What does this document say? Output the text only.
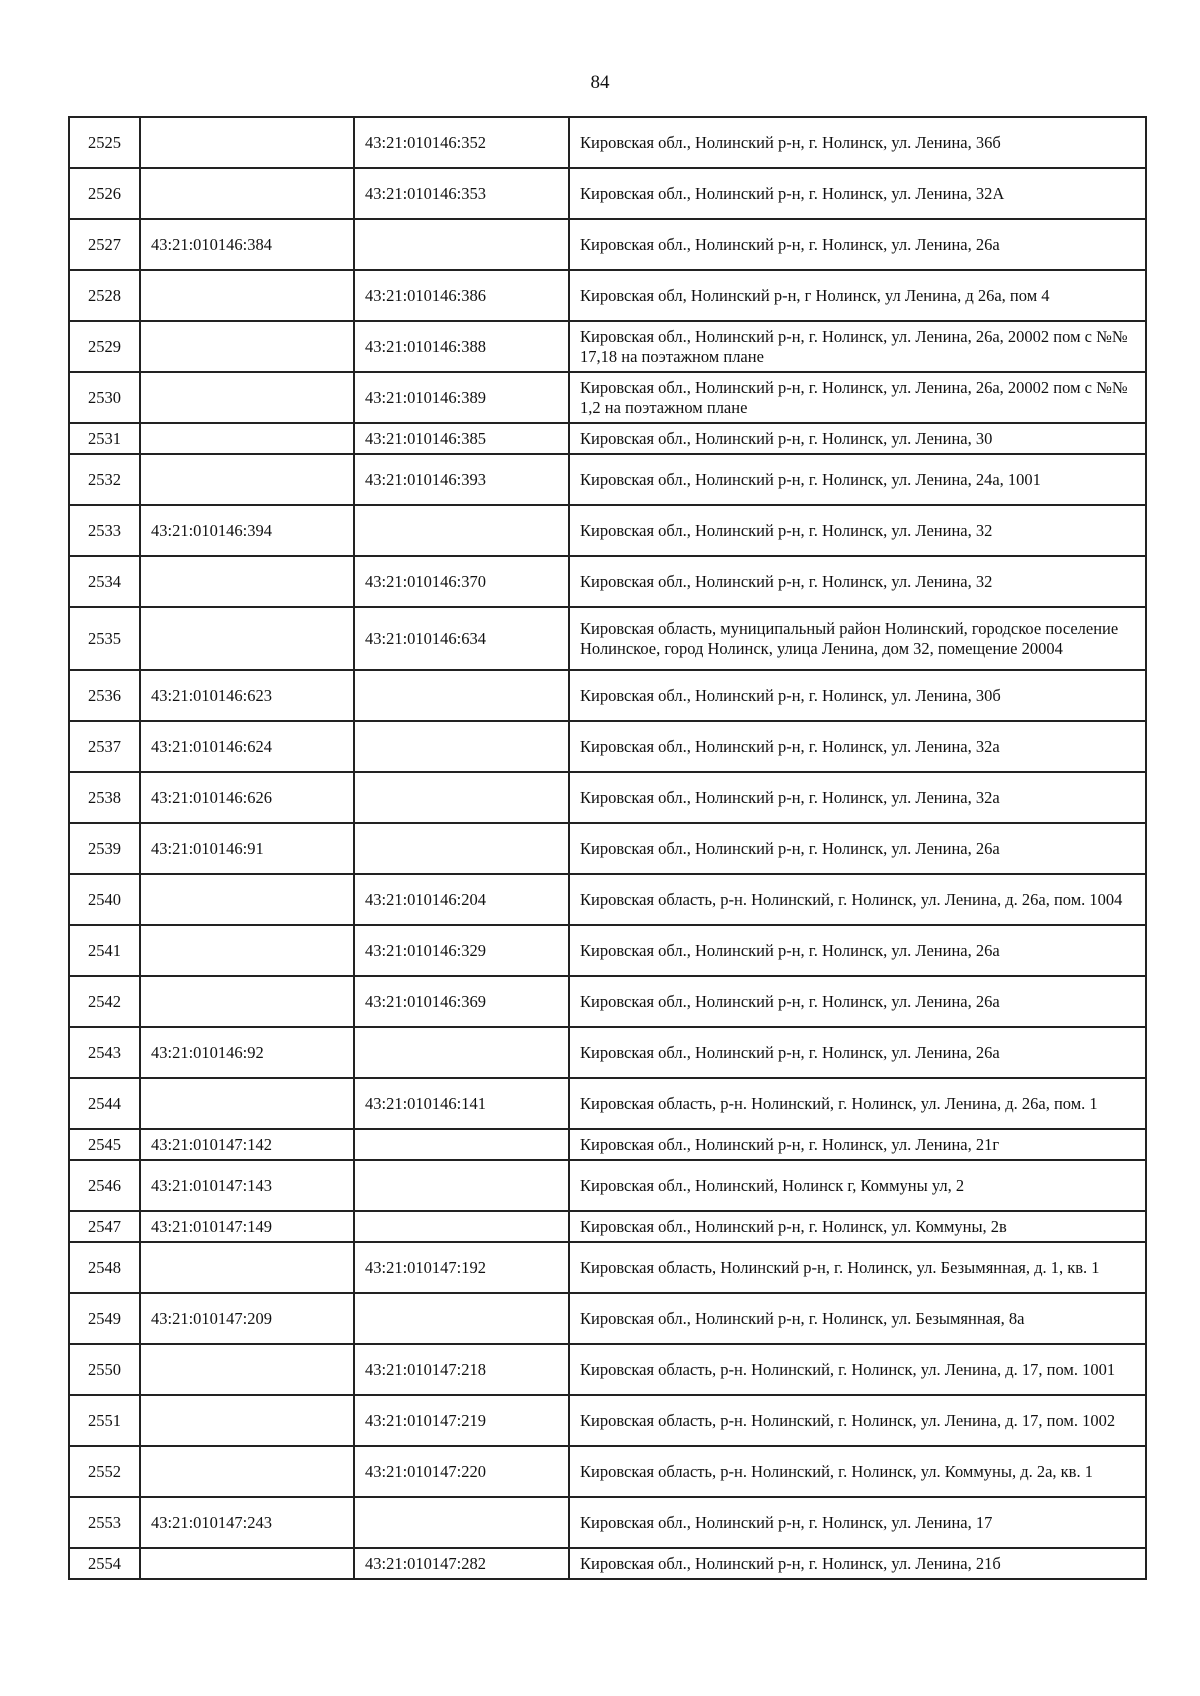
84
2525		43:21:010146:352	Кировская обл., Нолинский р-н, г. Нолинск, ул. Ленина, 36б
2526		43:21:010146:353	Кировская обл., Нолинский р-н, г. Нолинск, ул. Ленина, 32А
2527	43:21:010146:384		Кировская обл., Нолинский р-н, г. Нолинск, ул. Ленина, 26а
2528		43:21:010146:386	Кировская обл, Нолинский р-н, г Нолинск, ул Ленина, д 26а, пом 4
2529		43:21:010146:388	Кировская обл., Нолинский р-н, г. Нолинск, ул. Ленина, 26а, 20002 пом с №№ 17,18 на поэтажном плане
2530		43:21:010146:389	Кировская обл., Нолинский р-н, г. Нолинск, ул. Ленина, 26а, 20002 пом с №№ 1,2 на поэтажном плане
2531		43:21:010146:385	Кировская обл., Нолинский р-н, г. Нолинск, ул. Ленина, 30
2532		43:21:010146:393	Кировская обл., Нолинский р-н, г. Нолинск, ул. Ленина, 24а, 1001
2533	43:21:010146:394		Кировская обл., Нолинский р-н, г. Нолинск, ул. Ленина, 32
2534		43:21:010146:370	Кировская обл., Нолинский р-н, г. Нолинск, ул. Ленина, 32
2535		43:21:010146:634	Кировская область, муниципальный район Нолинский, городское поселение Нолинское, город Нолинск, улица Ленина, дом 32, помещение 20004
2536	43:21:010146:623		Кировская обл., Нолинский р-н, г. Нолинск, ул. Ленина, 30б
2537	43:21:010146:624		Кировская обл., Нолинский р-н, г. Нолинск, ул. Ленина, 32а
2538	43:21:010146:626		Кировская обл., Нолинский р-н, г. Нолинск, ул. Ленина, 32а
2539	43:21:010146:91		Кировская обл., Нолинский р-н, г. Нолинск, ул. Ленина, 26а
2540		43:21:010146:204	Кировская область, р-н. Нолинский, г. Нолинск, ул. Ленина, д. 26а, пом. 1004
2541		43:21:010146:329	Кировская обл., Нолинский р-н, г. Нолинск, ул. Ленина, 26а
2542		43:21:010146:369	Кировская обл., Нолинский р-н, г. Нолинск, ул. Ленина, 26а
2543	43:21:010146:92		Кировская обл., Нолинский р-н, г. Нолинск, ул. Ленина, 26а
2544		43:21:010146:141	Кировская область, р-н. Нолинский, г. Нолинск, ул. Ленина, д. 26а, пом. 1
2545	43:21:010147:142		Кировская обл., Нолинский р-н, г. Нолинск, ул. Ленина, 21г
2546	43:21:010147:143		Кировская обл., Нолинский, Нолинск г, Коммуны ул, 2
2547	43:21:010147:149		Кировская обл., Нолинский р-н, г. Нолинск, ул. Коммуны, 2в
2548		43:21:010147:192	Кировская область, Нолинский р-н, г. Нолинск, ул. Безымянная, д. 1, кв. 1
2549	43:21:010147:209		Кировская обл., Нолинский р-н, г. Нолинск, ул. Безымянная, 8а
2550		43:21:010147:218	Кировская область, р-н. Нолинский, г. Нолинск, ул. Ленина, д. 17, пом. 1001
2551		43:21:010147:219	Кировская область, р-н. Нолинский, г. Нолинск, ул. Ленина, д. 17, пом. 1002
2552		43:21:010147:220	Кировская область, р-н. Нолинский, г. Нолинск, ул. Коммуны, д. 2а, кв. 1
2553	43:21:010147:243		Кировская обл., Нолинский р-н, г. Нолинск, ул. Ленина, 17
2554		43:21:010147:282	Кировская обл., Нолинский р-н, г. Нолинск, ул. Ленина, 21б
